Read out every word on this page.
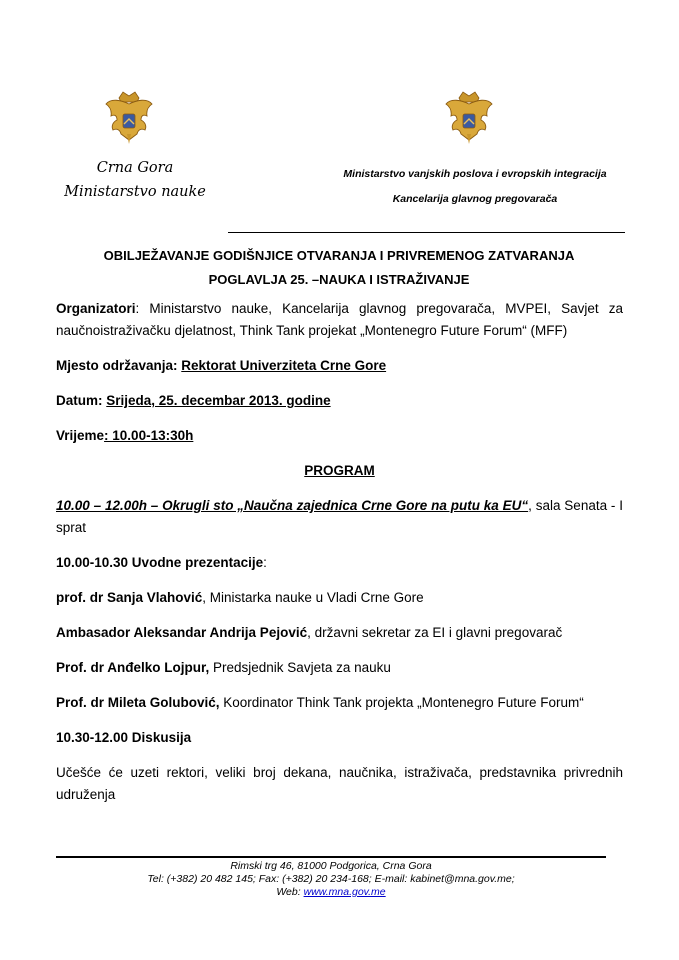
Crna Gora
Ministarstvo nauke
Ministarstvo vanjskih poslova i evropskih integracija
Kancelarija glavnog pregovarača
OBILJEŽAVANJE GODIŠNJICE OTVARANJA I PRIVREMENOG ZATVARANJA
POGLAVLJA 25. –NAUKA I ISTRAŽIVANJE

Organizatori: Ministarstvo nauke, Kancelarija glavnog pregovarača, MVPEI, Savjet za naučnoistraživačku djelatnost, Think Tank projekat „Montenegro Future Forum“ (MFF)

Mjesto održavanja: Rektorat Univerziteta Crne Gore

Datum: Srijeda, 25. decembar 2013. godine

Vrijeme: 10.00-13:30h

PROGRAM

10.00 – 12.00h – Okrugli sto „Naučna zajednica Crne Gore na putu ka EU“, sala Senata - I sprat

10.00-10.30 Uvodne prezentacije:

prof. dr Sanja Vlahović, Ministarka nauke u Vladi Crne Gore

Ambasador Aleksandar Andrija Pejović, državni sekretar za EI i glavni pregovarač

Prof. dr Anđelko Lojpur, Predsjednik Savjeta za nauku

Prof. dr Mileta Golubović, Koordinator Think Tank projekta „Montenegro Future Forum“

10.30-12.00 Diskusija

Učešće će uzeti rektori, veliki broj dekana, naučnika, istraživača, predstavnika privrednih udruženja

Rimski trg 46, 81000 Podgorica, Crna Gora
Tel: (+382) 20 482 145; Fax: (+382) 20 234-168; E-mail: kabinet@mna.gov.me;
Web: www.mna.gov.me
